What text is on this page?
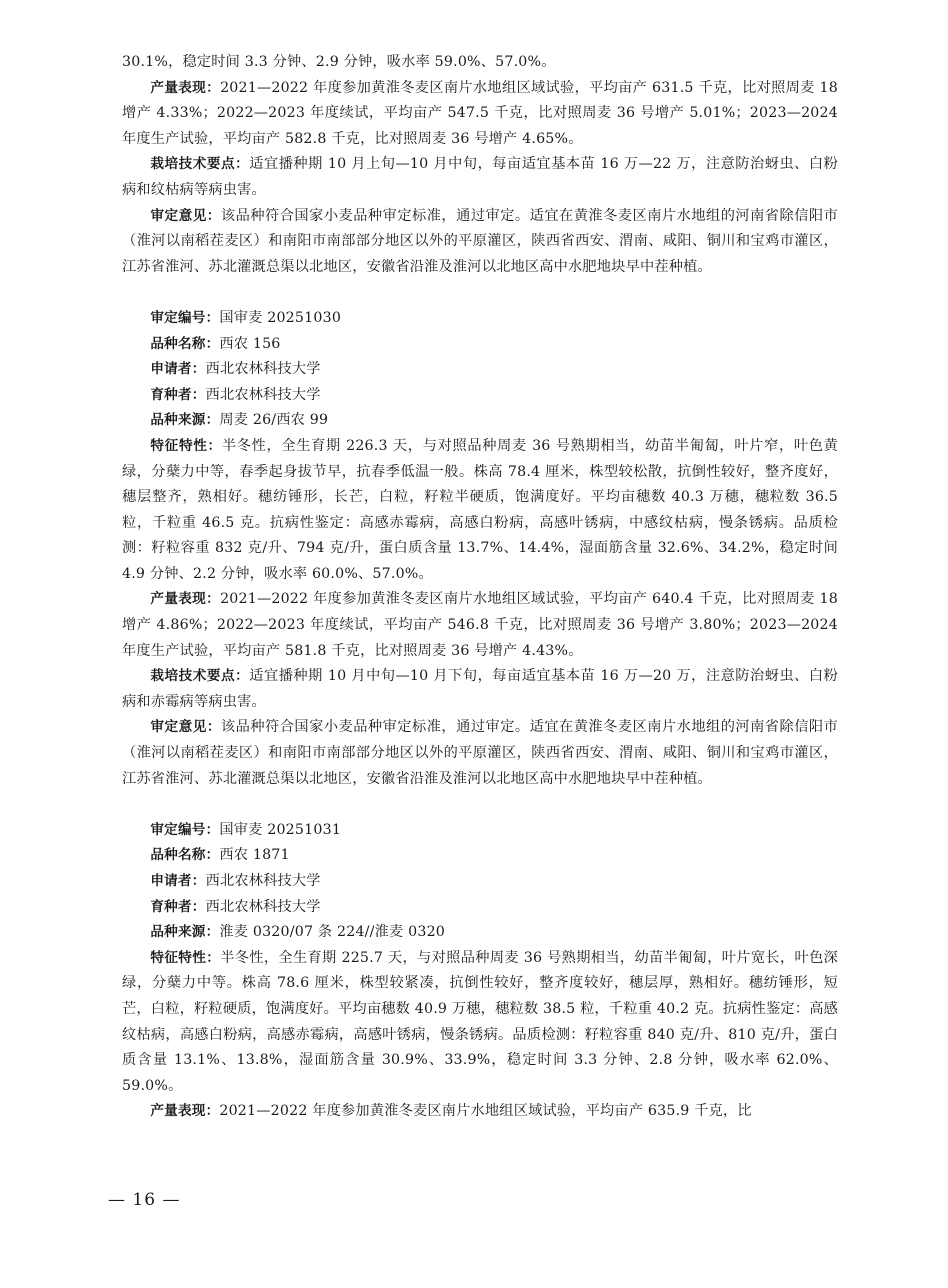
30.1%，稳定时间 3.3 分钟、2.9 分钟，吸水率 59.0%、57.0%。

产量表现：2021—2022 年度参加黄淮冬麦区南片水地组区域试验，平均亩产 631.5 千克，比对照周麦 18 增产 4.33%；2022—2023 年度续试，平均亩产 547.5 千克，比对照周麦 36 号增产 5.01%；2023—2024 年度生产试验，平均亩产 582.8 千克，比对照周麦 36 号增产 4.65%。

栽培技术要点：适宜播种期 10 月上旬—10 月中旬，每亩适宜基本苗 16 万—22 万，注意防治蚜虫、白粉病和纹枯病等病虫害。

审定意见：该品种符合国家小麦品种审定标准，通过审定。适宜在黄淮冬麦区南片水地组的河南省除信阳市（淮河以南稻茬麦区）和南阳市南部部分地区以外的平原灌区，陕西省西安、渭南、咸阳、铜川和宝鸡市灌区，江苏省淮河、苏北灌溉总渠以北地区，安徽省沿淮及淮河以北地区高中水肥地块早中茬种植。

审定编号：国审麦 20251030

品种名称：西农 156

申请者：西北农林科技大学

育种者：西北农林科技大学

品种来源：周麦 26/西农 99

特征特性：半冬性，全生育期 226.3 天，与对照品种周麦 36 号熟期相当，幼苗半匍匐，叶片窄，叶色黄绿，分蘖力中等，春季起身拔节早，抗春季低温一般。株高 78.4 厘米，株型较松散，抗倒性较好，整齐度好，穗层整齐，熟相好。穗纺锤形，长芒，白粒，籽粒半硬质，饱满度好。平均亩穗数 40.3 万穗，穗粒数 36.5 粒，千粒重 46.5 克。抗病性鉴定：高感赤霉病，高感白粉病，高感叶锈病，中感纹枯病，慢条锈病。品质检测：籽粒容重 832 克/升、794 克/升，蛋白质含量 13.7%、14.4%，湿面筋含量 32.6%、34.2%，稳定时间 4.9 分钟、2.2 分钟，吸水率 60.0%、57.0%。

产量表现：2021—2022 年度参加黄淮冬麦区南片水地组区域试验，平均亩产 640.4 千克，比对照周麦 18 增产 4.86%；2022—2023 年度续试，平均亩产 546.8 千克，比对照周麦 36 号增产 3.80%；2023—2024 年度生产试验，平均亩产 581.8 千克，比对照周麦 36 号增产 4.43%。

栽培技术要点：适宜播种期 10 月中旬—10 月下旬，每亩适宜基本苗 16 万—20 万，注意防治蚜虫、白粉病和赤霉病等病虫害。

审定意见：该品种符合国家小麦品种审定标准，通过审定。适宜在黄淮冬麦区南片水地组的河南省除信阳市（淮河以南稻茬麦区）和南阳市南部部分地区以外的平原灌区，陕西省西安、渭南、咸阳、铜川和宝鸡市灌区，江苏省淮河、苏北灌溉总渠以北地区，安徽省沿淮及淮河以北地区高中水肥地块早中茬种植。

审定编号：国审麦 20251031

品种名称：西农 1871

申请者：西北农林科技大学

育种者：西北农林科技大学

品种来源：淮麦 0320/07 条 224//淮麦 0320

特征特性：半冬性，全生育期 225.7 天，与对照品种周麦 36 号熟期相当，幼苗半匍匐，叶片宽长，叶色深绿，分蘖力中等。株高 78.6 厘米，株型较紧凑，抗倒性较好，整齐度较好，穗层厚，熟相好。穗纺锤形，短芒，白粒，籽粒硬质，饱满度好。平均亩穗数 40.9 万穗，穗粒数 38.5 粒，千粒重 40.2 克。抗病性鉴定：高感纹枯病，高感白粉病，高感赤霉病，高感叶锈病，慢条锈病。品质检测：籽粒容重 840 克/升、810 克/升，蛋白质含量 13.1%、13.8%，湿面筋含量 30.9%、33.9%，稳定时间 3.3 分钟、2.8 分钟，吸水率 62.0%、59.0%。

产量表现：2021—2022 年度参加黄淮冬麦区南片水地组区域试验，平均亩产 635.9 千克，比

— 16 —
